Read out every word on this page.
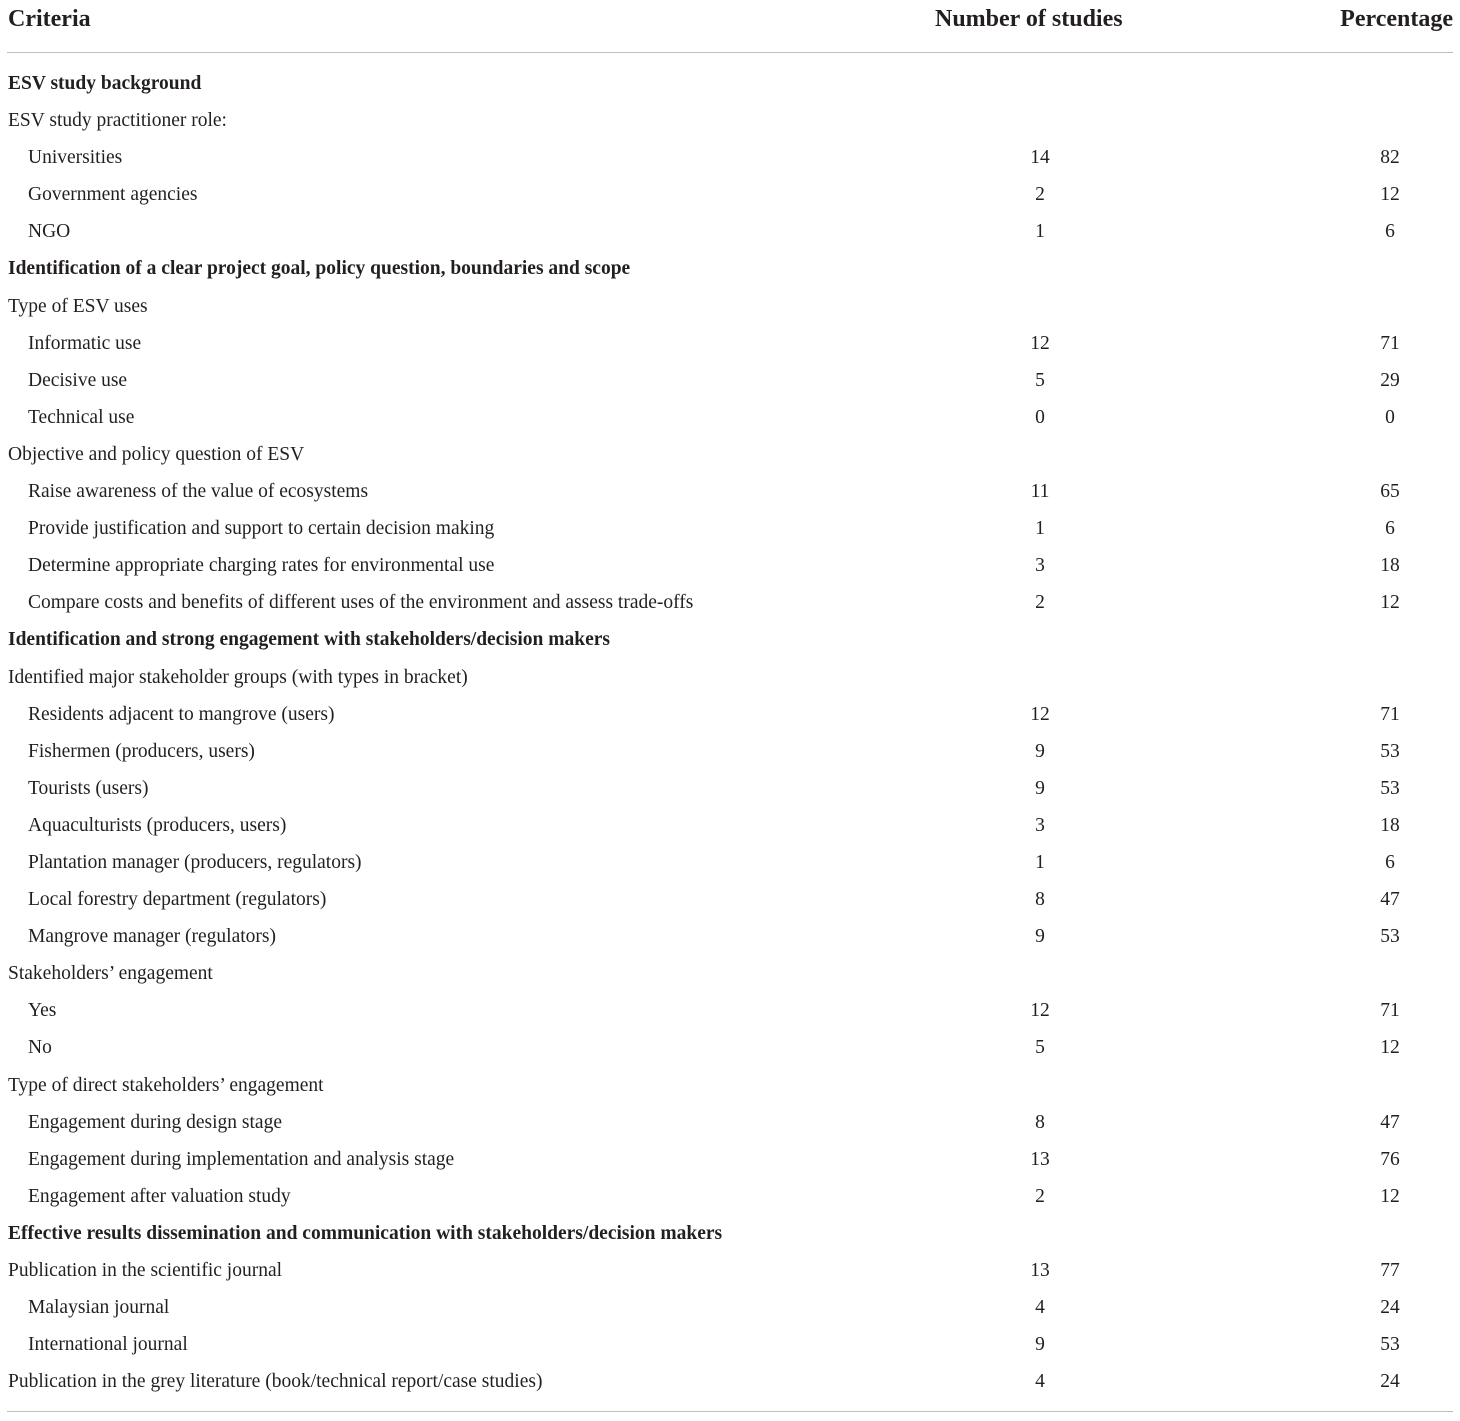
Criteria	Number of studies	Percentage
ESV study background
ESV study practitioner role:
Universities	14	82
Government agencies	2	12
NGO	1	6
Identification of a clear project goal, policy question, boundaries and scope
Type of ESV uses
Informatic use	12	71
Decisive use	5	29
Technical use	0	0
Objective and policy question of ESV
Raise awareness of the value of ecosystems	11	65
Provide justification and support to certain decision making	1	6
Determine appropriate charging rates for environmental use	3	18
Compare costs and benefits of different uses of the environment and assess trade-offs	2	12
Identification and strong engagement with stakeholders/decision makers
Identified major stakeholder groups (with types in bracket)
Residents adjacent to mangrove (users)	12	71
Fishermen (producers, users)	9	53
Tourists (users)	9	53
Aquaculturists (producers, users)	3	18
Plantation manager (producers, regulators)	1	6
Local forestry department (regulators)	8	47
Mangrove manager (regulators)	9	53
Stakeholders’ engagement
Yes	12	71
No	5	12
Type of direct stakeholders’ engagement
Engagement during design stage	8	47
Engagement during implementation and analysis stage	13	76
Engagement after valuation study	2	12
Effective results dissemination and communication with stakeholders/decision makers
Publication in the scientific journal	13	77
Malaysian journal	4	24
International journal	9	53
Publication in the grey literature (book/technical report/case studies)	4	24
